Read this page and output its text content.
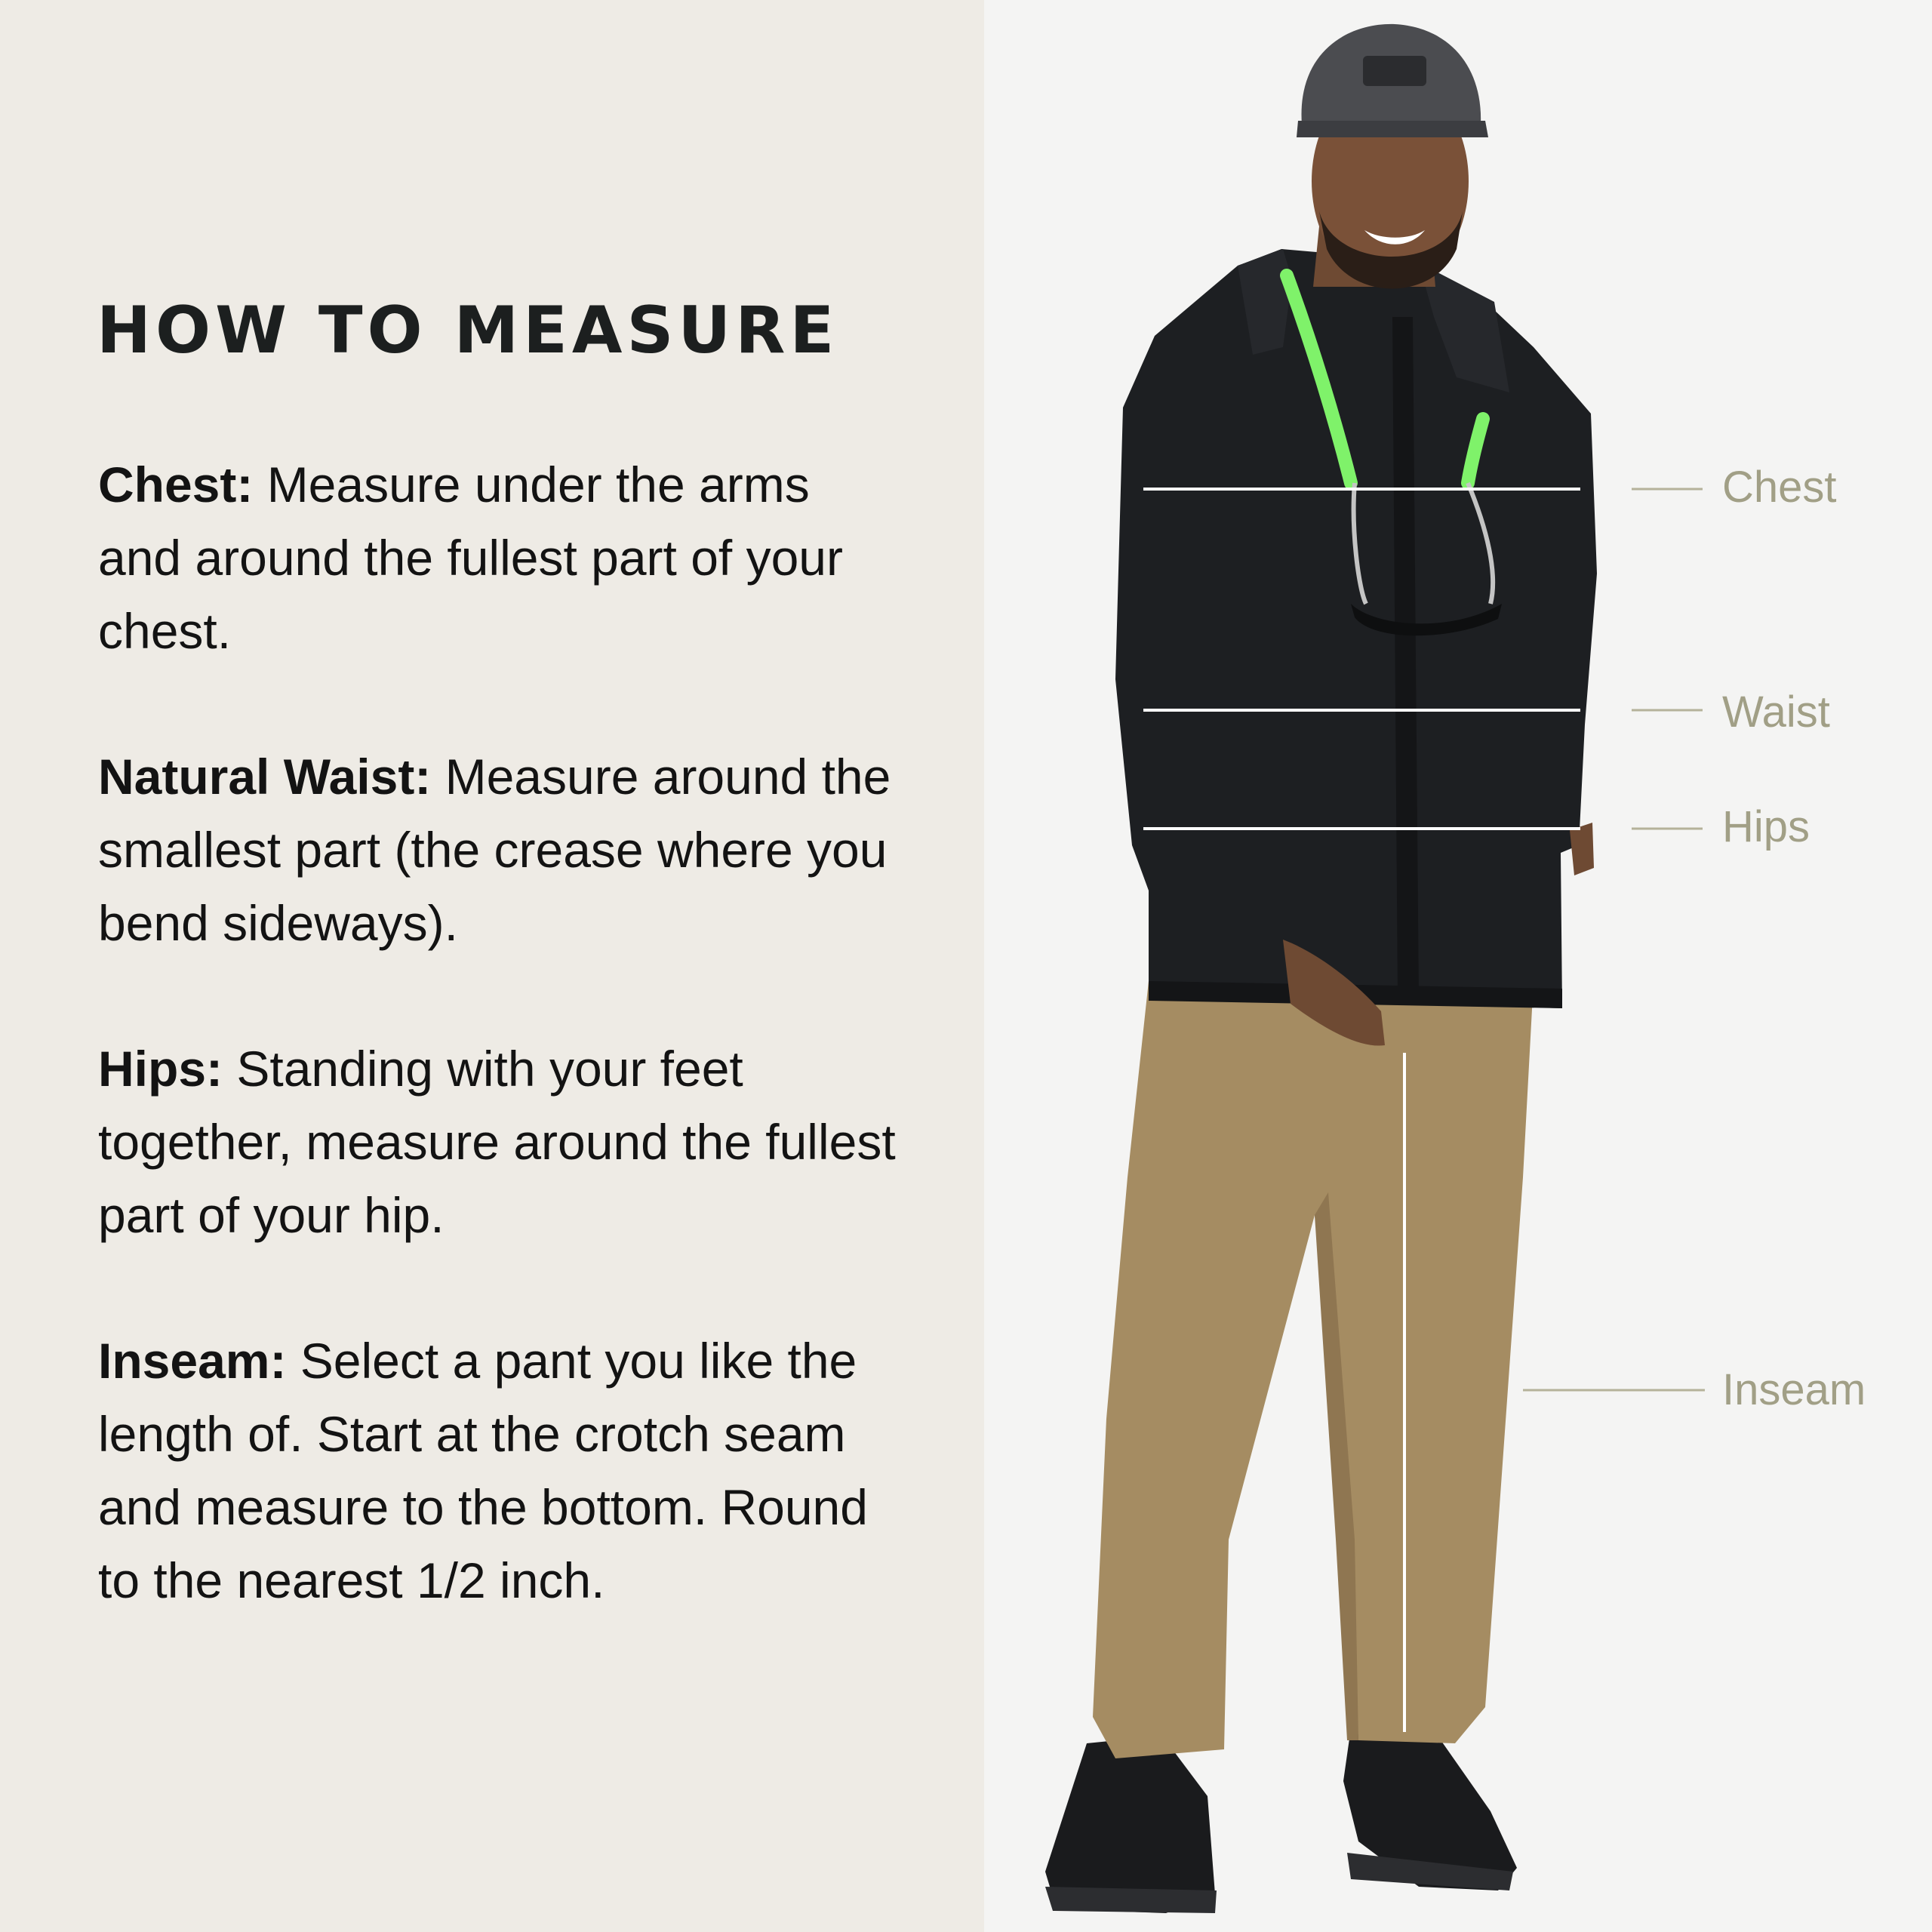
HOW TO MEASURE

Chest: Measure under the arms and around the fullest part of your chest.

Natural Waist: Measure around the smallest part (the crease where you bend sideways).

Hips: Standing with your feet together, measure around the fullest part of your hip.

Inseam: Select a pant you like the length of. Start at the crotch seam and measure to the bottom. Round to the nearest 1/2 inch.

Chest
Waist
Hips
Inseam
